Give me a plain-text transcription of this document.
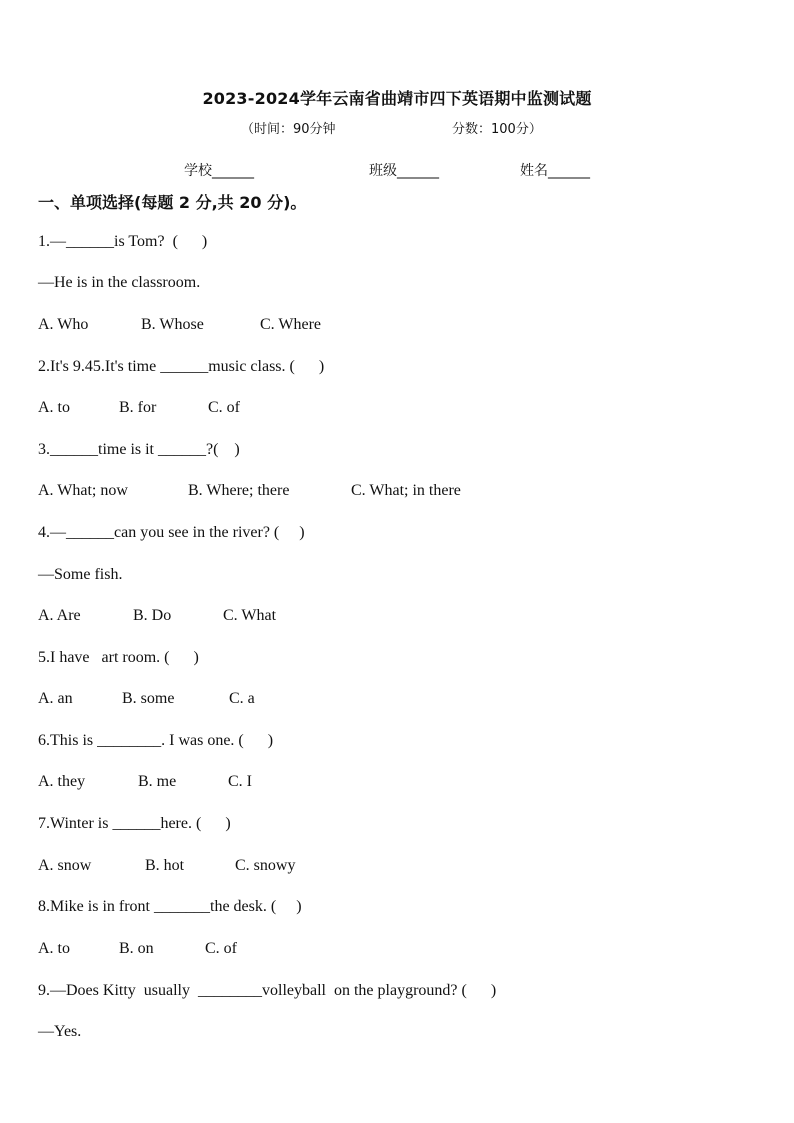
2023-2024学年云南省曲靖市四下英语期中监测试题
（时间：90分钟	分数：100分）
学校______	班级______	姓名______
一、单项选择(每题 2 分,共 20 分)。
1.—______is Tom?  (      )
—He is in the classroom.
A. Who	B. Whose	C. Where
2.It's 9.45.It's time ______music class. (      )
A. to	B. for	C. of
3.______time is it ______?(    )
A. What; now	B. Where; there	C. What; in there
4.—______can you see in the river? (     )
—Some fish.
A. Are	B. Do	C. What
5.I have   art room. (      )
A. an	B. some	C. a
6.This is ________. I was one. (      )
A. they	B. me	C. I
7.Winter is ______here. (      )
A. snow	B. hot	C. snowy
8.Mike is in front _______the desk. (     )
A. to	B. on	C. of
9.—Does Kitty  usually  ________volleyball  on the playground? (      )
—Yes.
